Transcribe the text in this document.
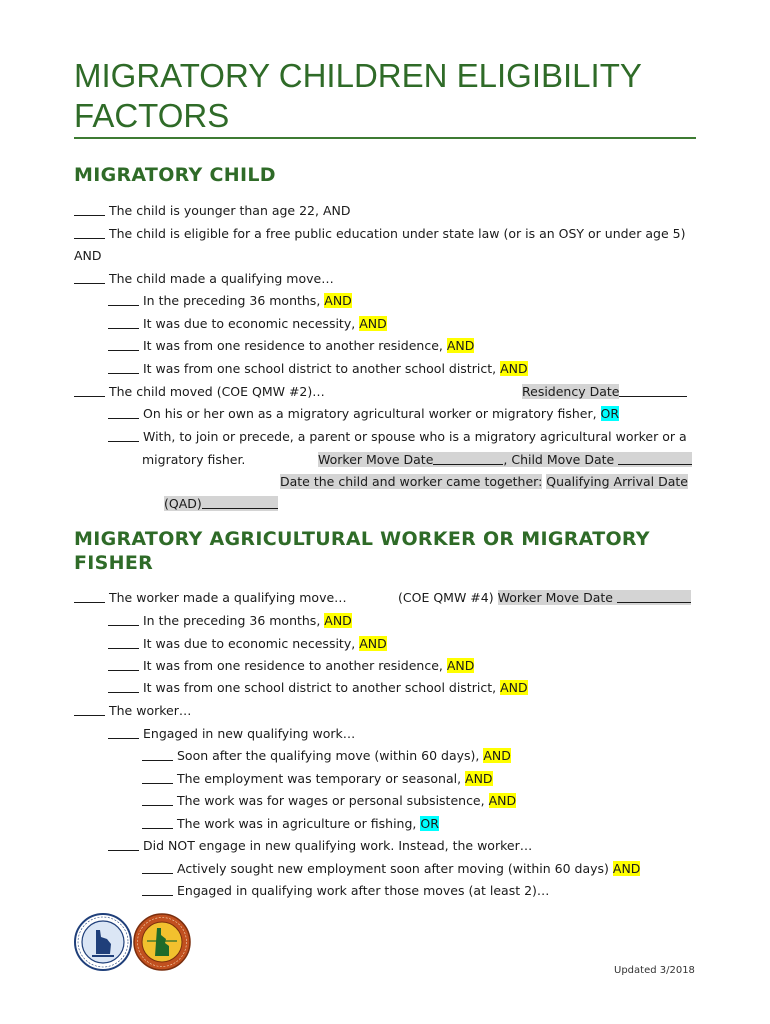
MIGRATORY CHILDREN ELIGIBILITY
FACTORS
MIGRATORY CHILD
The child is younger than age 22, AND
The child is eligible for a free public education under state law (or is an OSY or under age 5)
AND
The child made a qualifying move…
In the preceding 36 months, AND
It was due to economic necessity, AND
It was from one residence to another residence, AND
It was from one school district to another school district, AND
The child moved (COE QMW #2)…	Residency Date
On his or her own as a migratory agricultural worker or migratory fisher, OR
With, to join or precede, a parent or spouse who is a migratory agricultural worker or a
migratory fisher.	Worker Move Date	, Child Move Date
Date the child and worker came together: Qualifying Arrival Date
(QAD)
MIGRATORY AGRICULTURAL WORKER OR MIGRATORY
FISHER
The worker made a qualifying move…	(COE QMW #4) Worker Move Date
In the preceding 36 months, AND
It was due to economic necessity, AND
It was from one residence to another residence, AND
It was from one school district to another school district, AND
The worker…
Engaged in new qualifying work…
Soon after the qualifying move (within 60 days), AND
The employment was temporary or seasonal, AND
The work was for wages or personal subsistence, AND
The work was in agriculture or fishing, OR
Did NOT engage in new qualifying work. Instead, the worker…
Actively sought new employment soon after moving (within 60 days) AND
Engaged in qualifying work after those moves (at least 2)…
Updated 3/2018
